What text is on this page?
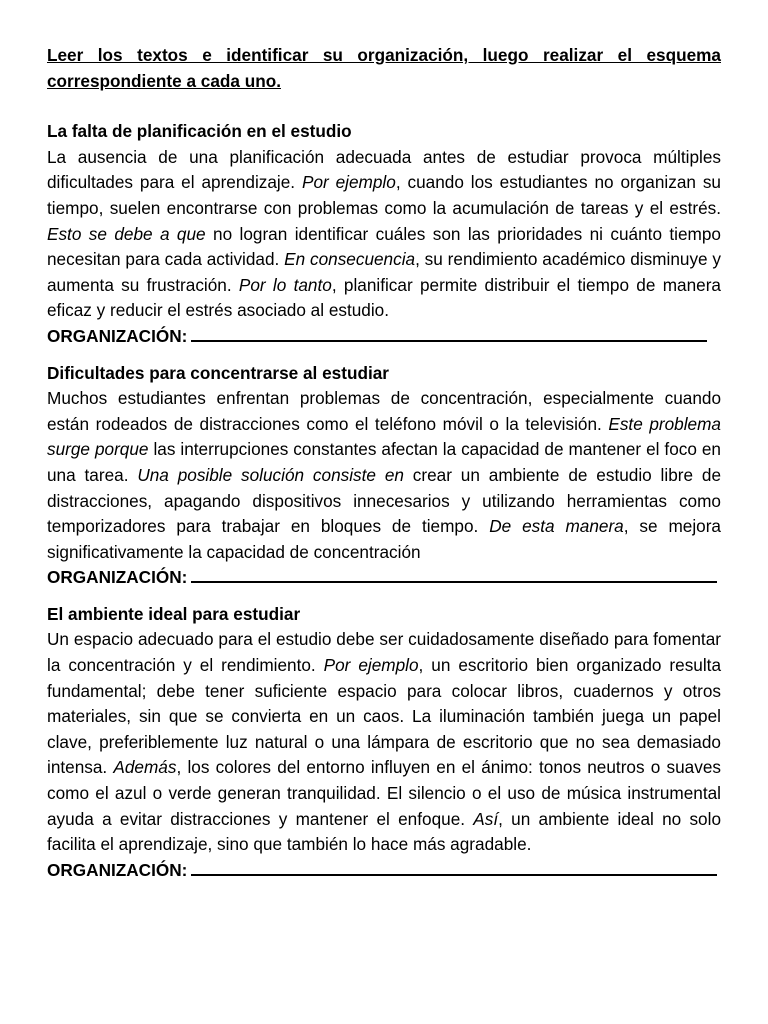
Leer los textos e identificar su organización, luego realizar el esquema correspondiente a cada uno.

La falta de planificación en el estudio

La ausencia de una planificación adecuada antes de estudiar provoca múltiples dificultades para el aprendizaje. Por ejemplo, cuando los estudiantes no organizan su tiempo, suelen encontrarse con problemas como la acumulación de tareas y el estrés. Esto se debe a que no logran identificar cuáles son las prioridades ni cuánto tiempo necesitan para cada actividad. En consecuencia, su rendimiento académico disminuye y aumenta su frustración. Por lo tanto, planificar permite distribuir el tiempo de manera eficaz y reducir el estrés asociado al estudio.

ORGANIZACIÓN:

Dificultades para concentrarse al estudiar

Muchos estudiantes enfrentan problemas de concentración, especialmente cuando están rodeados de distracciones como el teléfono móvil o la televisión. Este problema surge porque las interrupciones constantes afectan la capacidad de mantener el foco en una tarea. Una posible solución consiste en crear un ambiente de estudio libre de distracciones, apagando dispositivos innecesarios y utilizando herramientas como temporizadores para trabajar en bloques de tiempo. De esta manera, se mejora significativamente la capacidad de concentración

ORGANIZACIÓN:

El ambiente ideal para estudiar

Un espacio adecuado para el estudio debe ser cuidadosamente diseñado para fomentar la concentración y el rendimiento. Por ejemplo, un escritorio bien organizado resulta fundamental; debe tener suficiente espacio para colocar libros, cuadernos y otros materiales, sin que se convierta en un caos. La iluminación también juega un papel clave, preferiblemente luz natural o una lámpara de escritorio que no sea demasiado intensa. Además, los colores del entorno influyen en el ánimo: tonos neutros o suaves como el azul o verde generan tranquilidad. El silencio o el uso de música instrumental ayuda a evitar distracciones y mantener el enfoque. Así, un ambiente ideal no solo facilita el aprendizaje, sino que también lo hace más agradable.

ORGANIZACIÓN:
